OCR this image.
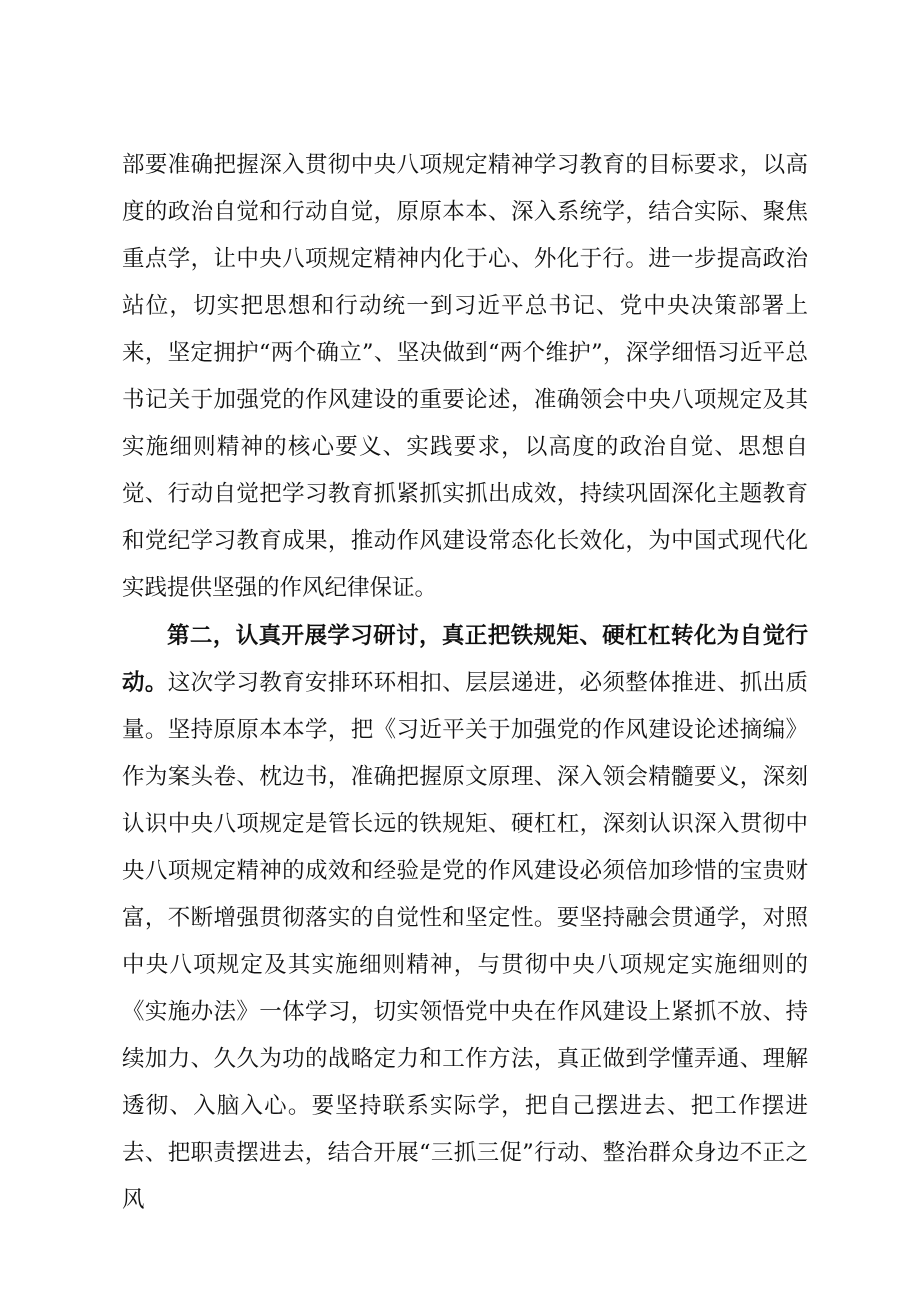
部要准确把握深入贯彻中央八项规定精神学习教育的目标要求，以高度的政治自觉和行动自觉，原原本本、深入系统学，结合实际、聚焦重点学，让中央八项规定精神内化于心、外化于行。进一步提高政治站位，切实把思想和行动统一到习近平总书记、党中央决策部署上来，坚定拥护“两个确立”、坚决做到“两个维护”，深学细悟习近平总书记关于加强党的作风建设的重要论述，准确领会中央八项规定及其实施细则精神的核心要义、实践要求，以高度的政治自觉、思想自觉、行动自觉把学习教育抓紧抓实抓出成效，持续巩固深化主题教育和党纪学习教育成果，推动作风建设常态化长效化，为中国式现代化实践提供坚强的作风纪律保证。

第二，认真开展学习研讨，真正把铁规矩、硬杠杠转化为自觉行动。这次学习教育安排环环相扣、层层递进，必须整体推进、抓出质量。坚持原原本本学，把《习近平关于加强党的作风建设论述摘编》作为案头卷、枕边书，准确把握原文原理、深入领会精髓要义，深刻认识中央八项规定是管长远的铁规矩、硬杠杠，深刻认识深入贯彻中央八项规定精神的成效和经验是党的作风建设必须倍加珍惜的宝贵财富，不断增强贯彻落实的自觉性和坚定性。要坚持融会贯通学，对照中央八项规定及其实施细则精神，与贯彻中央八项规定实施细则的《实施办法》一体学习，切实领悟党中央在作风建设上紧抓不放、持续加力、久久为功的战略定力和工作方法，真正做到学懂弄通、理解透彻、入脑入心。要坚持联系实际学，把自己摆进去、把工作摆进去、把职责摆进去，结合开展“三抓三促”行动、整治群众身边不正之风
